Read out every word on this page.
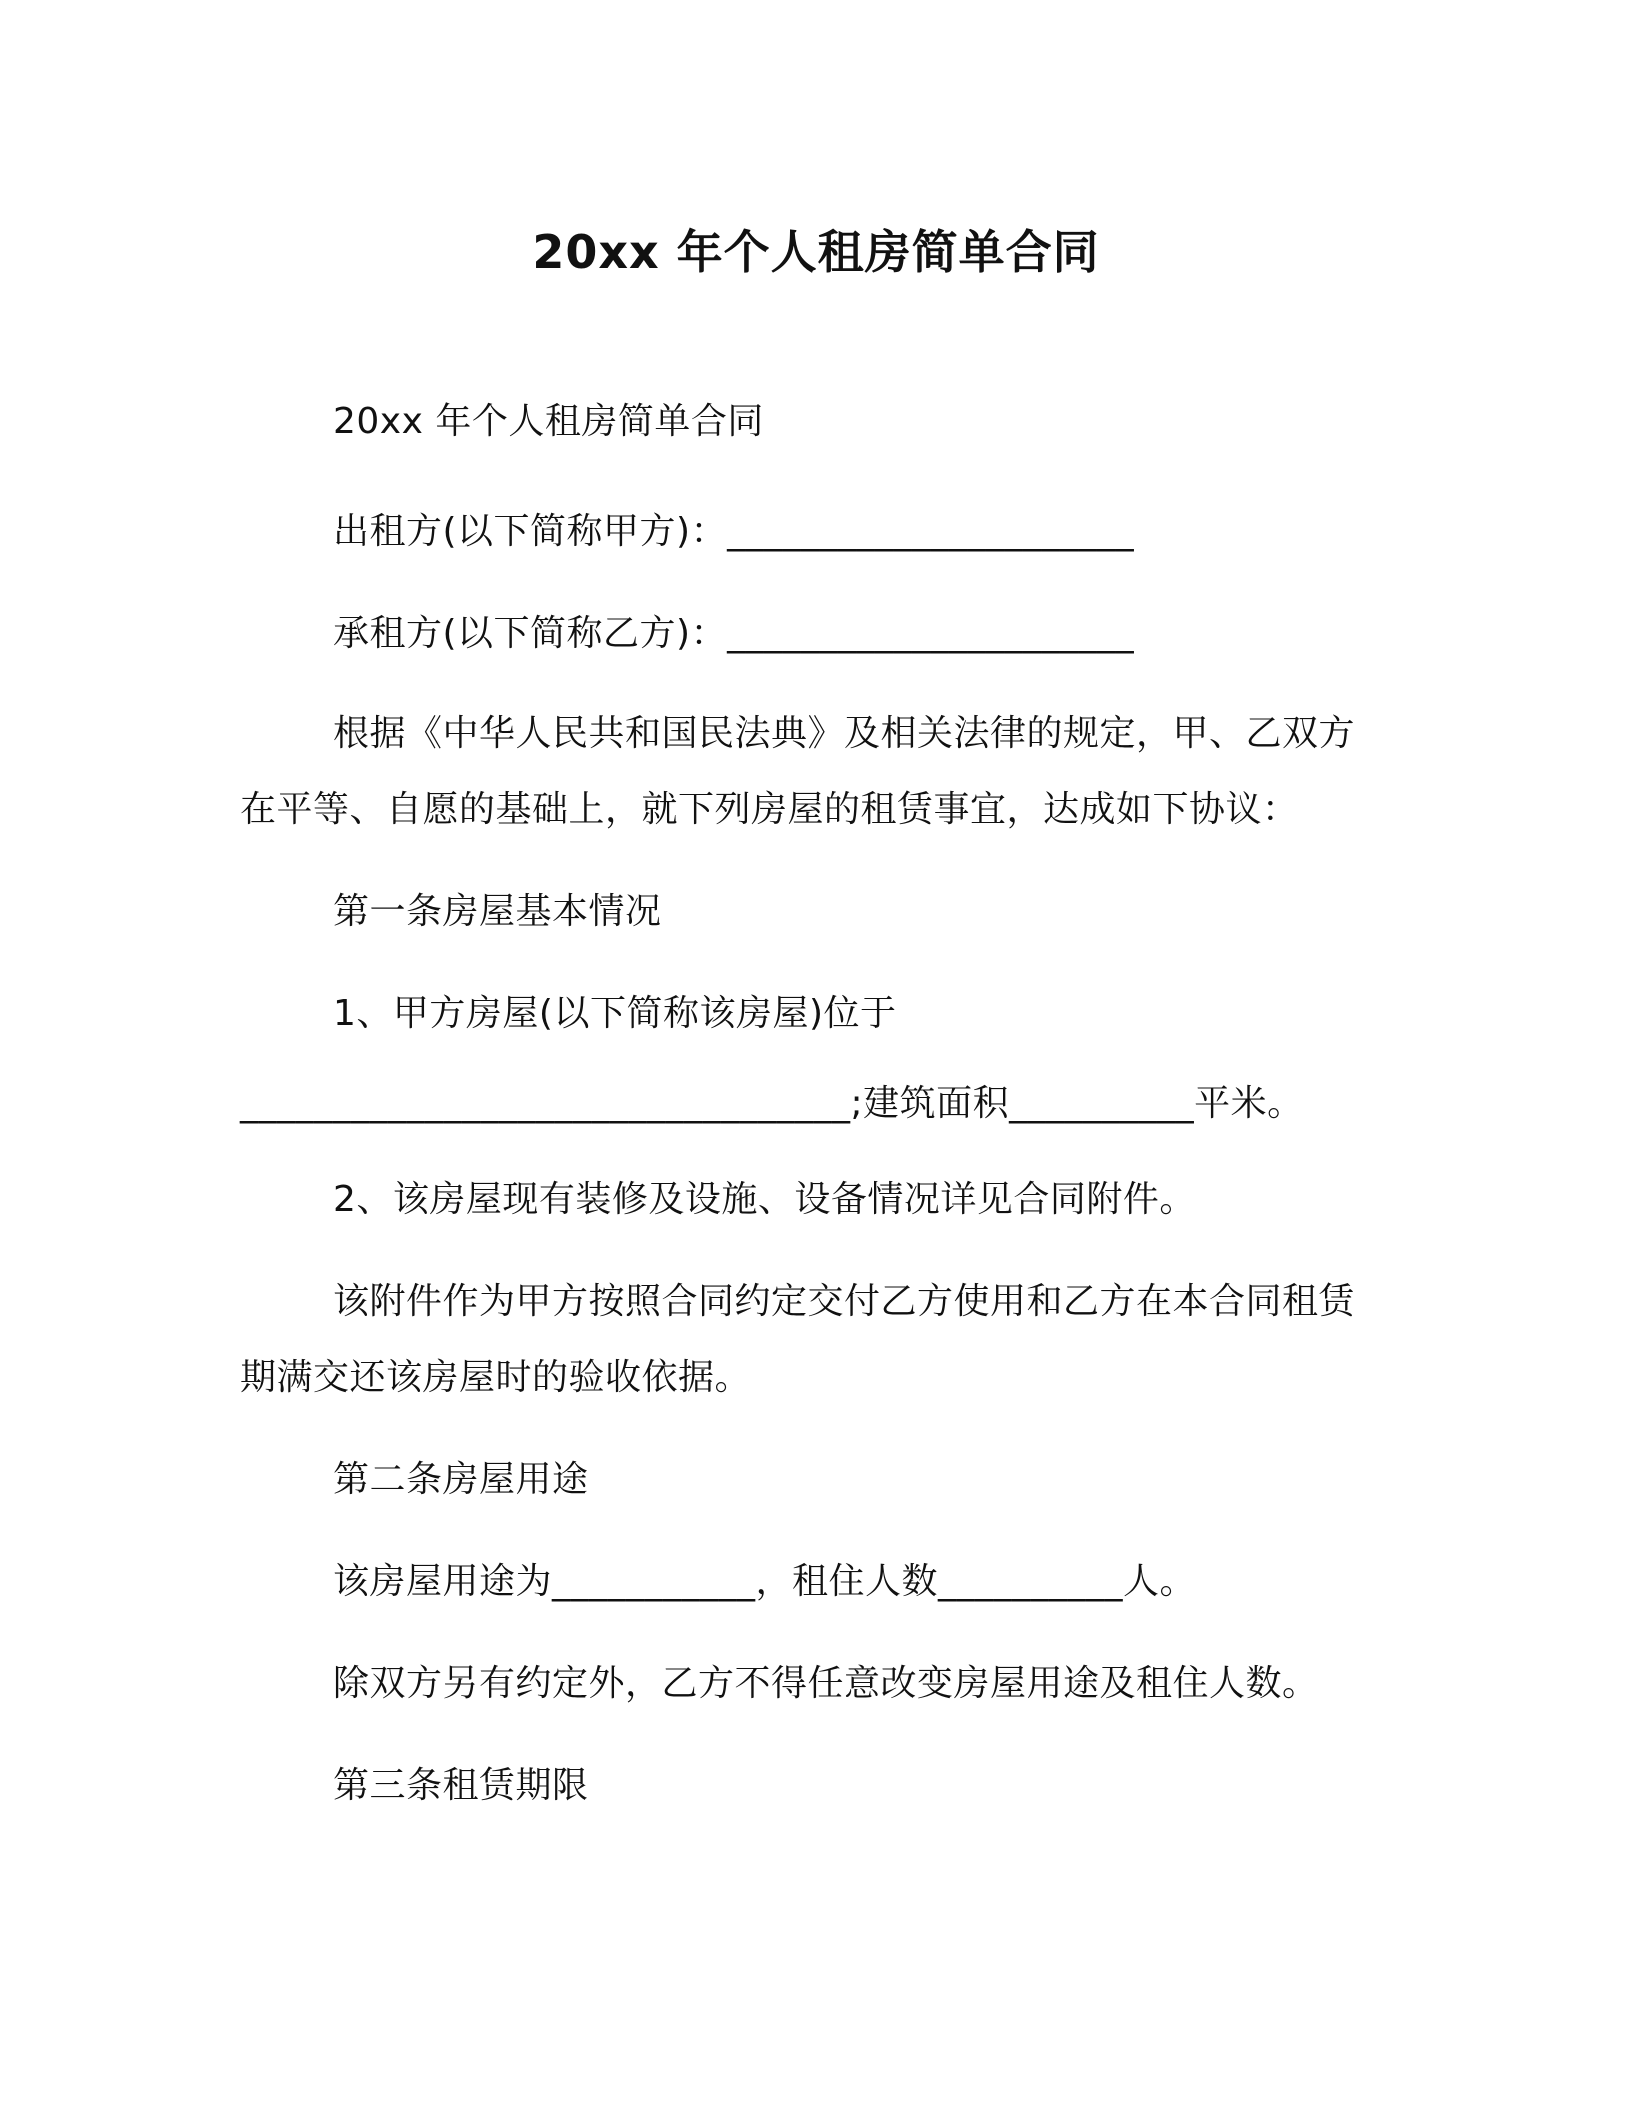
20xx 年个人租房简单合同
20xx 年个人租房简单合同
出租方(以下简称甲方)：______________________
承租方(以下简称乙方)：______________________
根据《中华人民共和国民法典》及相关法律的规定，甲、乙双方
在平等、自愿的基础上，就下列房屋的租赁事宜，达成如下协议：
第一条房屋基本情况
1、甲方房屋(以下简称该房屋)位于
_________________________________;建筑面积__________平米。
2、该房屋现有装修及设施、设备情况详见合同附件。
该附件作为甲方按照合同约定交付乙方使用和乙方在本合同租赁
期满交还该房屋时的验收依据。
第二条房屋用途
该房屋用途为___________，租住人数__________人。
除双方另有约定外，乙方不得任意改变房屋用途及租住人数。
第三条租赁期限
